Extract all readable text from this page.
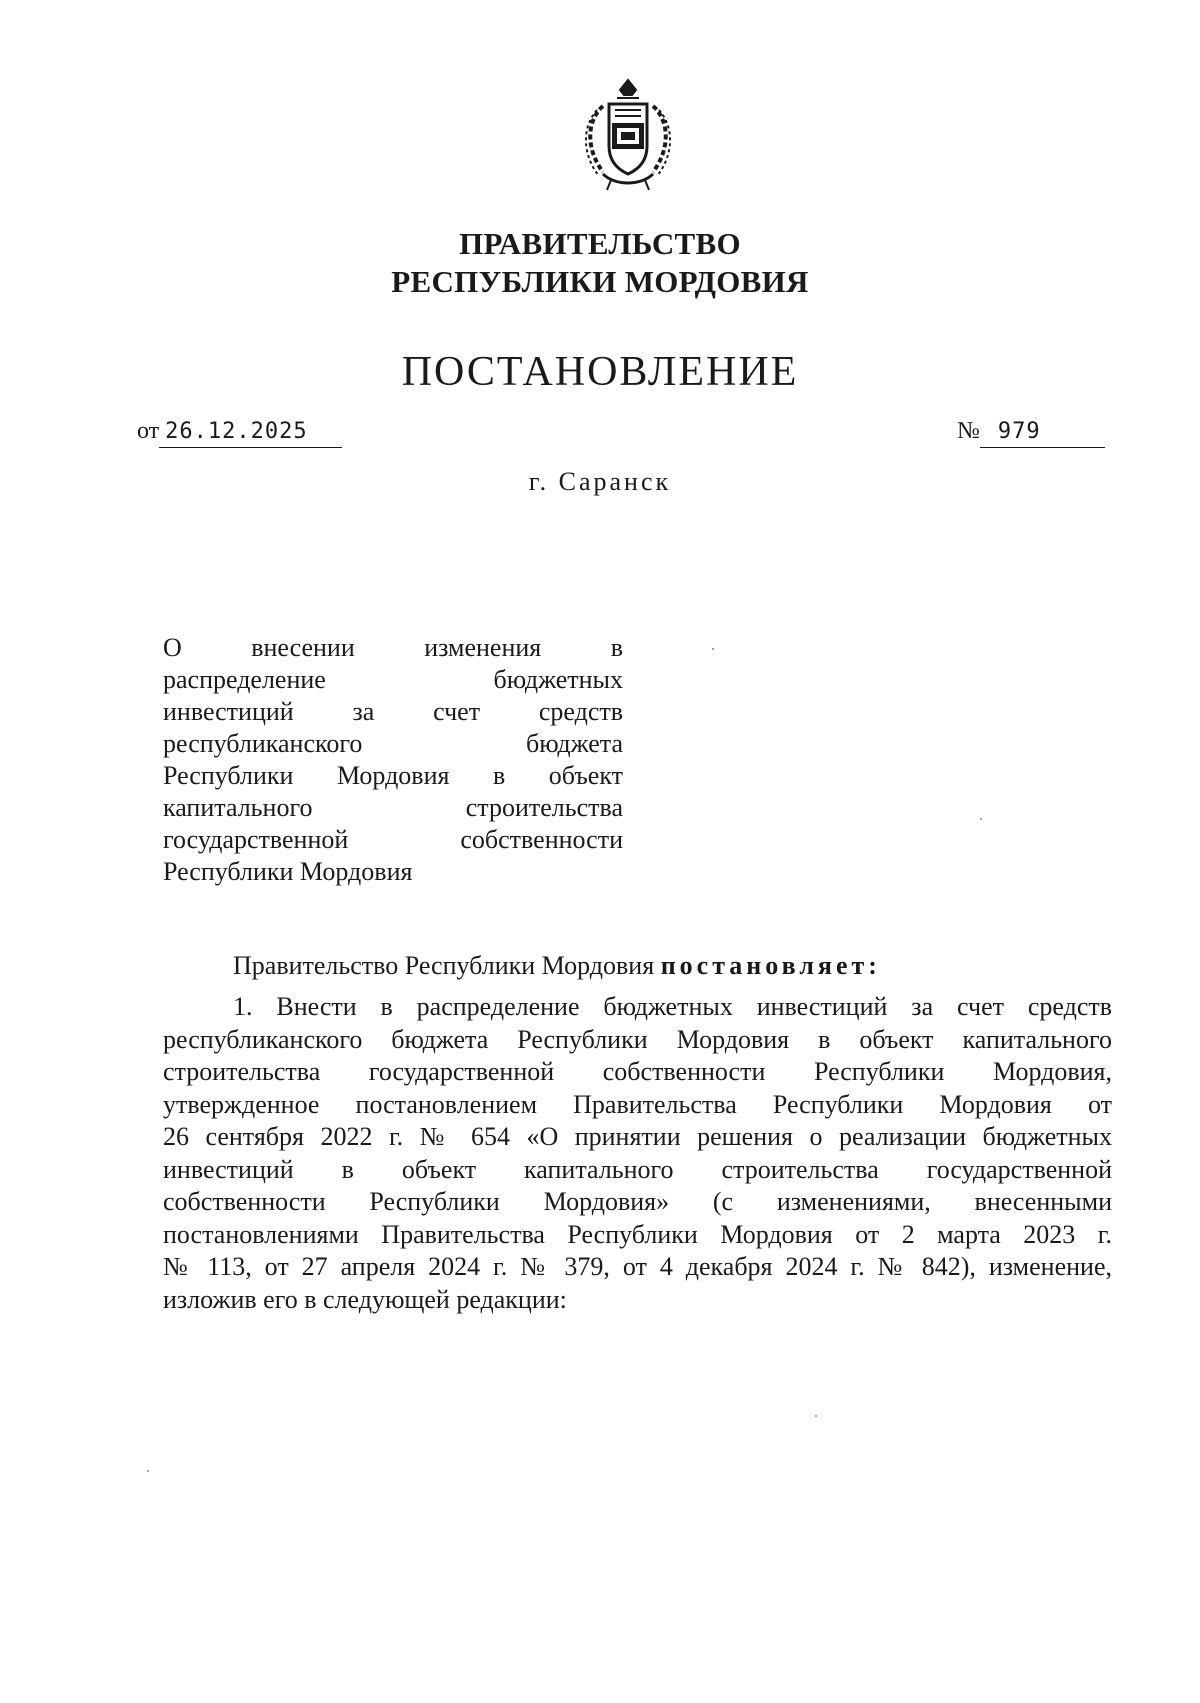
ПРАВИТЕЛЬСТВО
РЕСПУБЛИКИ МОРДОВИЯ
ПОСТАНОВЛЕНИЕ
от 26.12.2025	№ 979
г. Саранск
О внесении изменения в
распределение бюджетных
инвестиций за счет средств
республиканского бюджета
Республики Мордовия в объект
капитального строительства
государственной собственности
Республики Мордовия
Правительство Республики Мордовия постановляет:
1. Внести в распределение бюджетных инвестиций за счет средств
республиканского бюджета Республики Мордовия в объект капитального
строительства государственной собственности Республики Мордовия,
утвержденное постановлением Правительства Республики Мордовия от
26 сентября 2022 г. № 654 «О принятии решения о реализации бюджетных
инвестиций в объект капитального строительства государственной
собственности Республики Мордовия» (с изменениями, внесенными
постановлениями Правительства Республики Мордовия от 2 марта 2023 г.
№ 113, от 27 апреля 2024 г. № 379, от 4 декабря 2024 г. № 842), изменение,
изложив его в следующей редакции:
